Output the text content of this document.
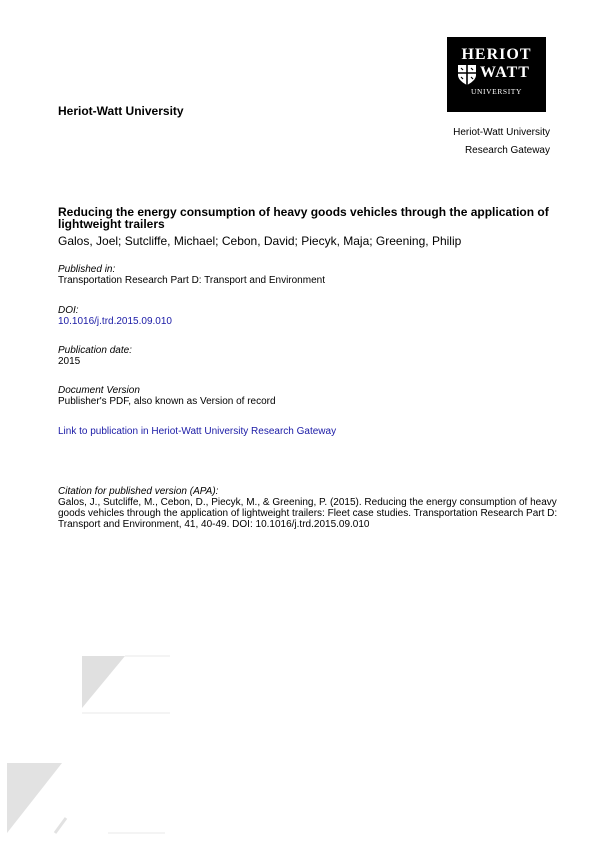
HERIOT
WATT
UNIVERSITY
Heriot-Watt University
Heriot-Watt University
Research Gateway
Reducing the energy consumption of heavy goods vehicles through the application of lightweight trailers
Galos, Joel; Sutcliffe, Michael; Cebon, David; Piecyk, Maja; Greening, Philip
Published in:
Transportation Research Part D: Transport and Environment
DOI:
10.1016/j.trd.2015.09.010
Publication date:
2015
Document Version
Publisher's PDF, also known as Version of record
Link to publication in Heriot-Watt University Research Gateway
Citation for published version (APA):
Galos, J., Sutcliffe, M., Cebon, D., Piecyk, M., & Greening, P. (2015). Reducing the energy consumption of heavy goods vehicles through the application of lightweight trailers: Fleet case studies. Transportation Research Part D: Transport and Environment, 41, 40-49. DOI: 10.1016/j.trd.2015.09.010
